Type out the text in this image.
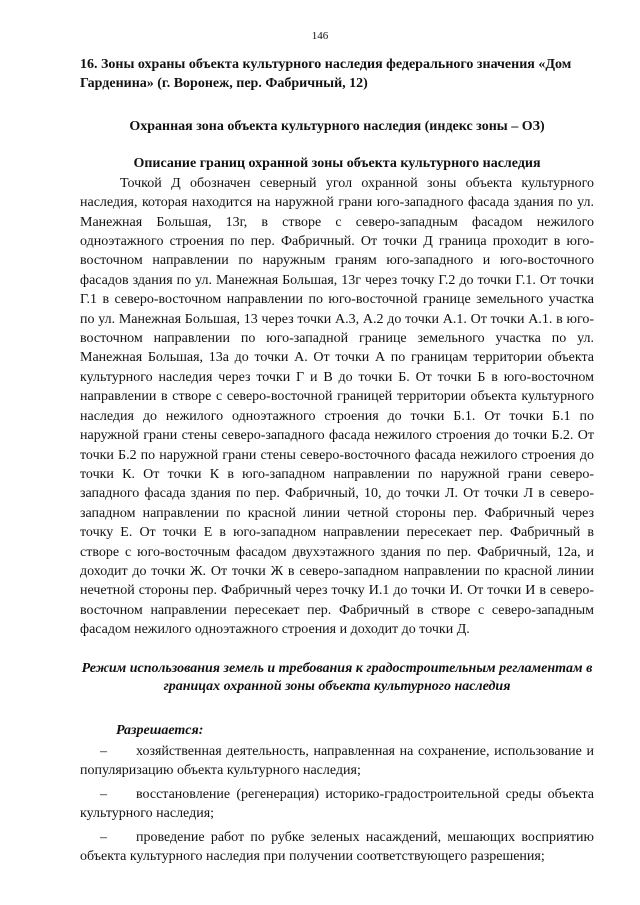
146

16. Зоны охраны объекта культурного наследия федерального значения «Дом Гарденина» (г. Воронеж, пер. Фабричный, 12)

Охранная зона объекта культурного наследия (индекс зоны – ОЗ)

Описание границ охранной зоны объекта культурного наследия

Точкой Д обозначен северный угол охранной зоны объекта культурного наследия, которая находится на наружной грани юго-западного фасада здания по ул. Манежная Большая, 13г, в створе с северо-западным фасадом нежилого одноэтажного строения по пер. Фабричный. От точки Д граница проходит в юго-восточном направлении по наружным граням юго-западного и юго-восточного фасадов здания по ул. Манежная Большая, 13г через точку Г.2 до точки Г.1. От точки Г.1 в северо-восточном направлении по юго-восточной границе земельного участка по ул. Манежная Большая, 13 через точки А.3, А.2 до точки А.1. От точки А.1. в юго-восточном направлении по юго-западной границе земельного участка по ул. Манежная Большая, 13а до точки А. От точки А по границам территории объекта культурного наследия через точки Г и В до точки Б. От точки Б в юго-восточном направлении в створе с северо-восточной границей территории объекта культурного наследия до нежилого одноэтажного строения до точки Б.1. От точки Б.1 по наружной грани стены северо-западного фасада нежилого строения до точки Б.2. От точки Б.2 по наружной грани стены северо-восточного фасада нежилого строения до точки К. От точки К в юго-западном направлении по наружной грани северо-западного фасада здания по пер. Фабричный, 10, до точки Л. От точки Л в северо-западном направлении по красной линии четной стороны пер. Фабричный через точку Е. От точки Е в юго-западном направлении пересекает пер. Фабричный в створе с юго-восточным фасадом двухэтажного здания по пер. Фабричный, 12а, и доходит до точки Ж. От точки Ж в северо-западном направлении по красной линии нечетной стороны пер. Фабричный через точку И.1 до точки И. От точки И в северо-восточном направлении пересекает пер. Фабричный в створе с северо-западным фасадом нежилого одноэтажного строения и доходит до точки Д.

Режим использования земель и требования к градостроительным регламентам в границах охранной зоны объекта культурного наследия

Разрешается:

– хозяйственная деятельность, направленная на сохранение, использование и популяризацию объекта культурного наследия;

– восстановление (регенерация) историко-градостроительной среды объекта культурного наследия;

– проведение работ по рубке зеленых насаждений, мешающих восприятию объекта культурного наследия при получении соответствующего разрешения;
